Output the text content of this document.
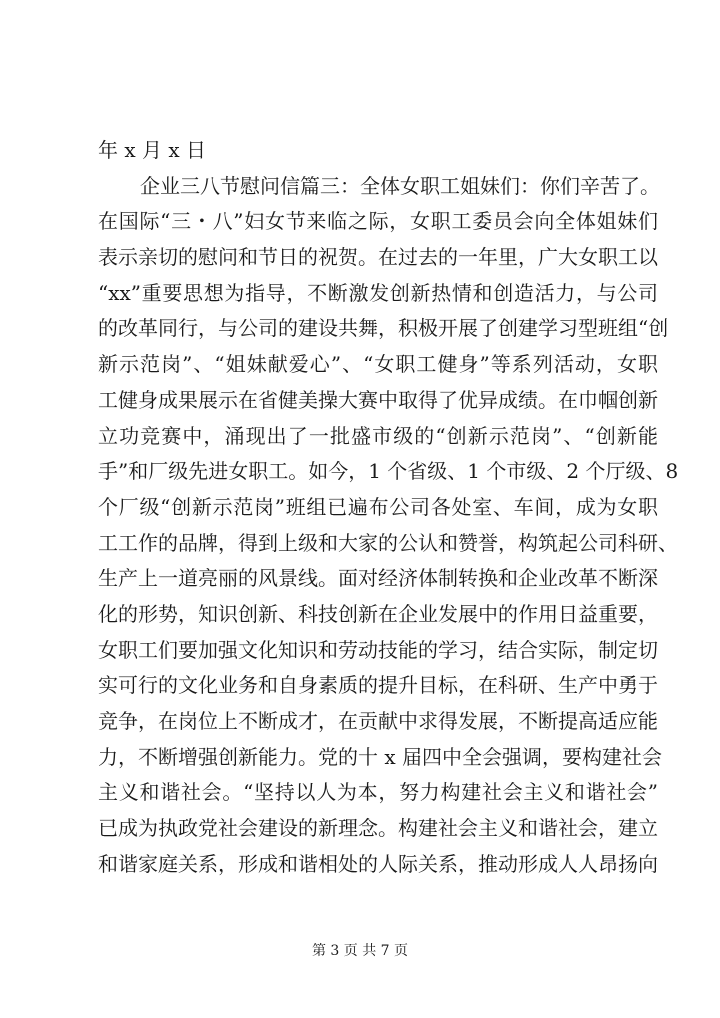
年 x 月 x 日
企业三八节慰问信篇三：全体女职工姐妹们：你们辛苦了。
在国际“三・八”妇女节来临之际，女职工委员会向全体姐妹们
表示亲切的慰问和节日的祝贺。在过去的一年里，广大女职工以
“xx”重要思想为指导，不断激发创新热情和创造活力，与公司
的改革同行，与公司的建设共舞，积极开展了创建学习型班组“创
新示范岗”、“姐妹献爱心”、“女职工健身”等系列活动，女职
工健身成果展示在省健美操大赛中取得了优异成绩。在巾帼创新
立功竞赛中，涌现出了一批盛市级的“创新示范岗”、“创新能
手”和厂级先进女职工。如今，1 个省级、1 个市级、2 个厅级、8
个厂级“创新示范岗”班组已遍布公司各处室、车间，成为女职
工工作的品牌，得到上级和大家的公认和赞誉，构筑起公司科研、
生产上一道亮丽的风景线。面对经济体制转换和企业改革不断深
化的形势，知识创新、科技创新在企业发展中的作用日益重要，
女职工们要加强文化知识和劳动技能的学习，结合实际，制定切
实可行的文化业务和自身素质的提升目标，在科研、生产中勇于
竞争，在岗位上不断成才，在贡献中求得发展，不断提高适应能
力，不断增强创新能力。党的十 x 届四中全会强调，要构建社会
主义和谐社会。“坚持以人为本，努力构建社会主义和谐社会”
已成为执政党社会建设的新理念。构建社会主义和谐社会，建立
和谐家庭关系，形成和谐相处的人际关系，推动形成人人昂扬向
第 3 页 共 7 页
